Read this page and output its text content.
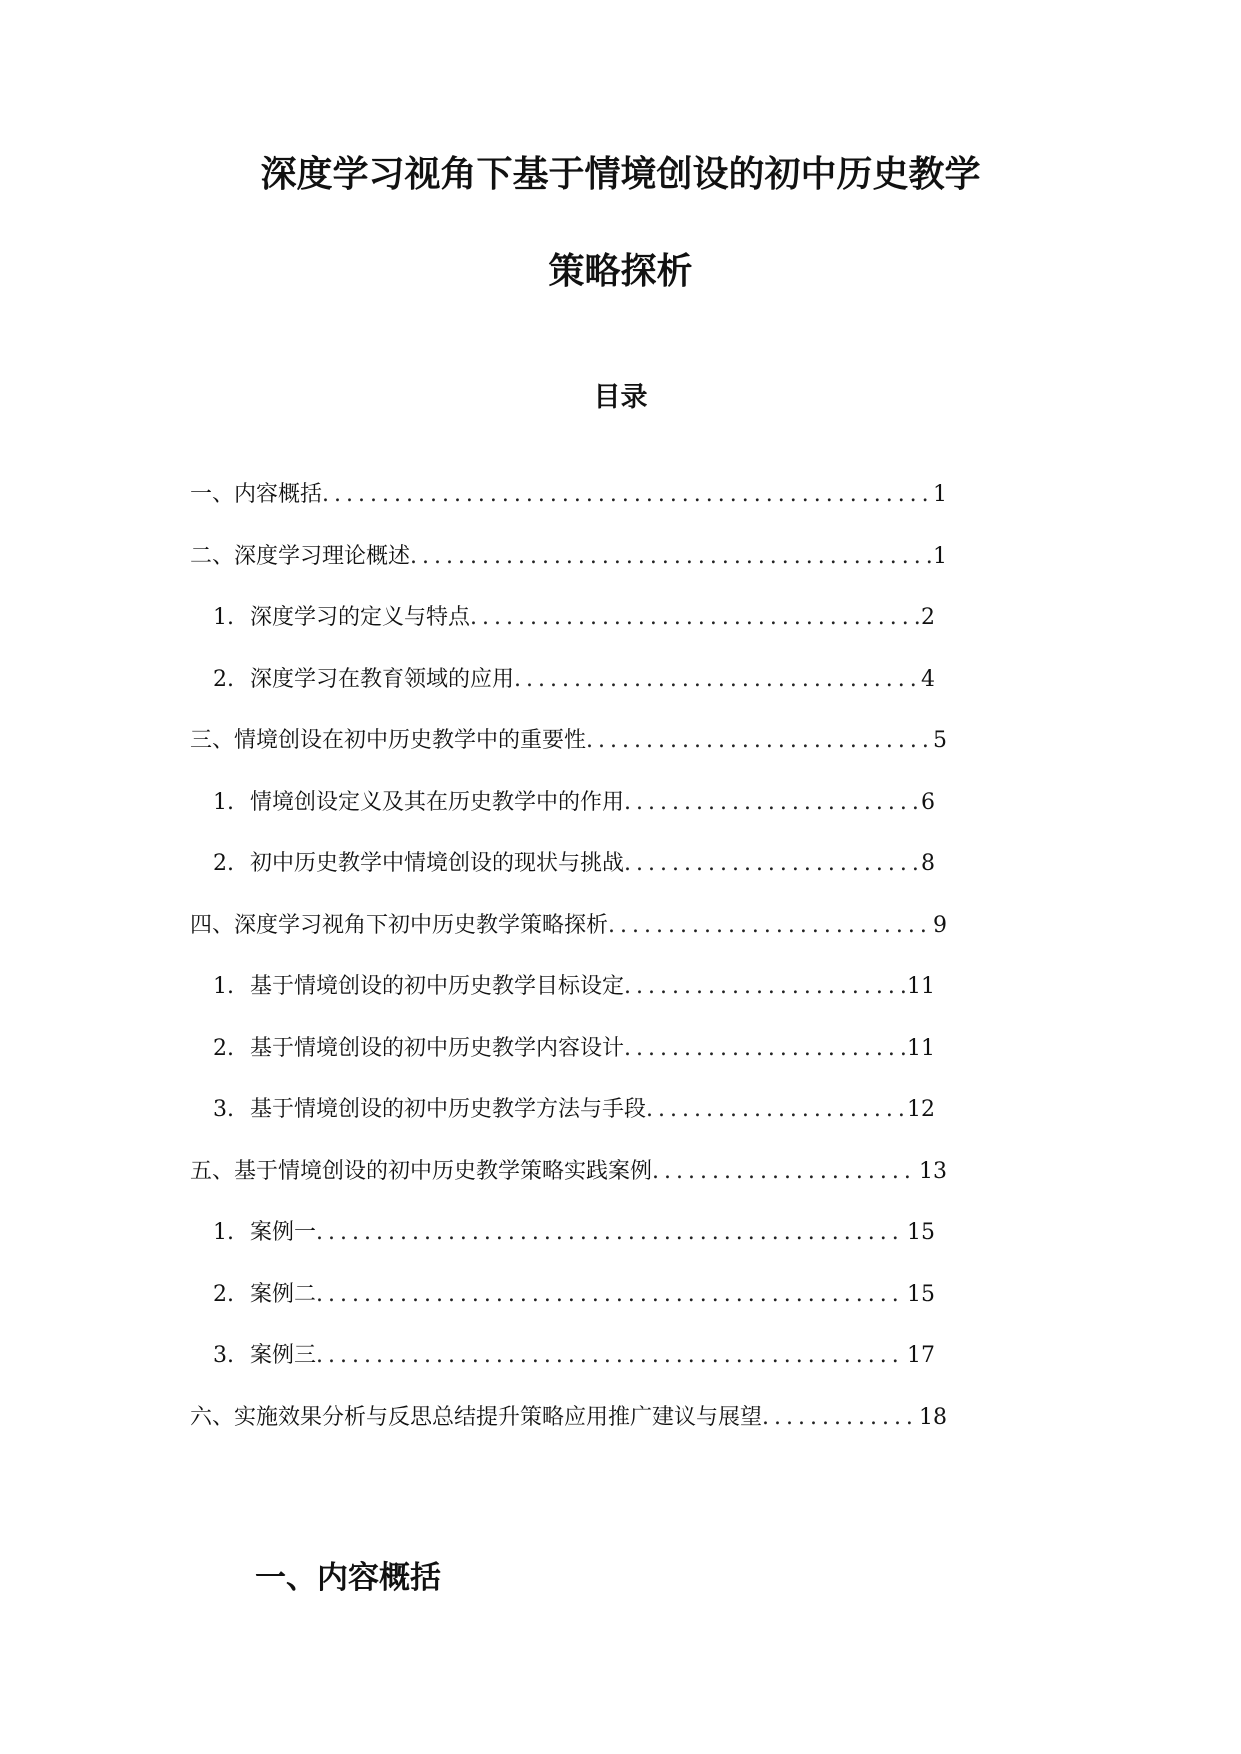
深度学习视角下基于情境创设的初中历史教学
策略探析
目录
一、内容概括 .....	1
二、深度学习理论概述 .....	1
1. 深度学习的定义与特点 .....	2
2. 深度学习在教育领域的应用 .....	4
三、情境创设在初中历史教学中的重要性 .....	5
1. 情境创设定义及其在历史教学中的作用 .....	6
2. 初中历史教学中情境创设的现状与挑战 .....	8
四、深度学习视角下初中历史教学策略探析 .....	9
1. 基于情境创设的初中历史教学目标设定 .....	11
2. 基于情境创设的初中历史教学内容设计 .....	11
3. 基于情境创设的初中历史教学方法与手段 .....	12
五、基于情境创设的初中历史教学策略实践案例 .....	13
1. 案例一 .....	15
2. 案例二 .....	15
3. 案例三 .....	17
六、实施效果分析与反思总结提升策略应用推广建议与展望 .....	18
一、内容概括
